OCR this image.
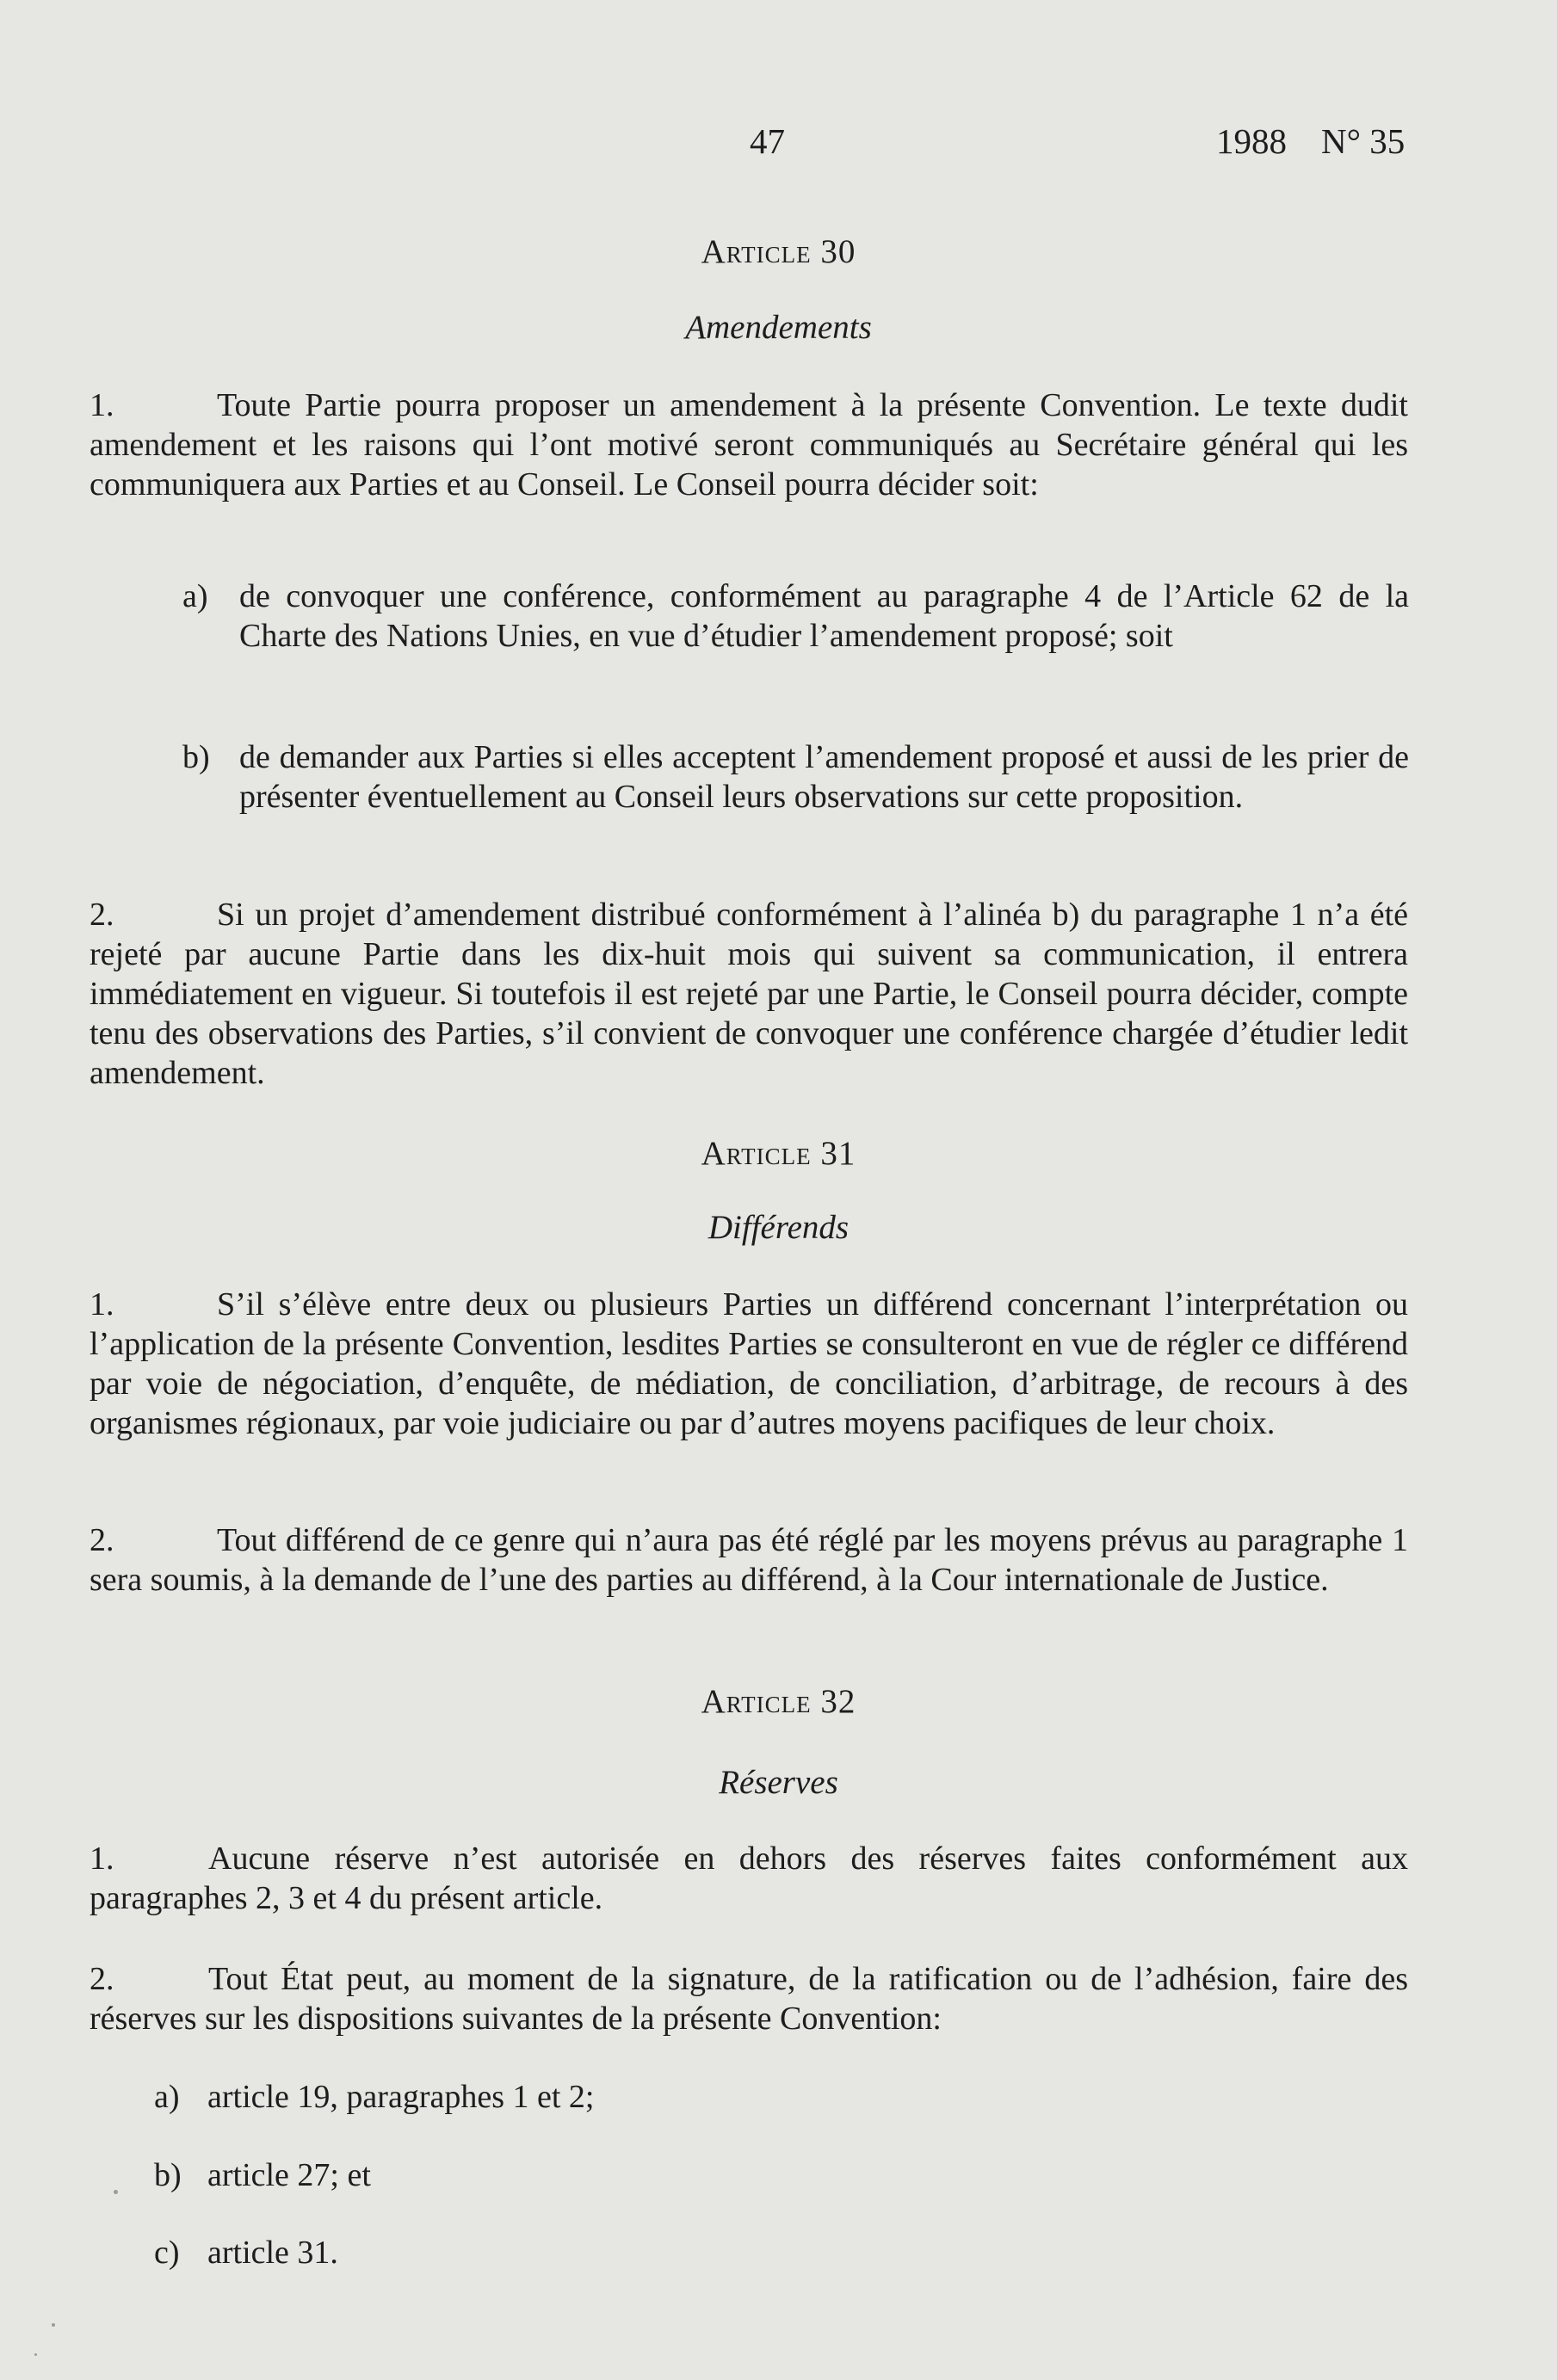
47	1988 N° 35
Article 30
Amendements
1.	Toute Partie pourra proposer un amendement à la présente Convention. Le texte dudit amendement et les raisons qui l’ont motivé seront communiqués au Secrétaire général qui les communiquera aux Parties et au Conseil. Le Conseil pourra décider soit:
a) de convoquer une conférence, conformément au paragraphe 4 de l’Article 62 de la Charte des Nations Unies, en vue d’étudier l’amendement proposé; soit
b) de demander aux Parties si elles acceptent l’amendement proposé et aussi de les prier de présenter éventuellement au Conseil leurs observations sur cette proposition.
2.	Si un projet d’amendement distribué conformément à l’alinéa b) du paragraphe 1 n’a été rejeté par aucune Partie dans les dix-huit mois qui suivent sa communication, il entrera immédiatement en vigueur. Si toutefois il est rejeté par une Partie, le Conseil pourra décider, compte tenu des observations des Parties, s’il convient de convoquer une conférence chargée d’étudier ledit amendement.
Article 31
Différends
1.	S’il s’élève entre deux ou plusieurs Parties un différend concernant l’interprétation ou l’application de la présente Convention, lesdites Parties se consulteront en vue de régler ce différend par voie de négociation, d’enquête, de médiation, de conciliation, d’arbitrage, de recours à des organismes régionaux, par voie judiciaire ou par d’autres moyens pacifiques de leur choix.
2.	Tout différend de ce genre qui n’aura pas été réglé par les moyens prévus au paragraphe 1 sera soumis, à la demande de l’une des parties au différend, à la Cour internationale de Justice.
Article 32
Réserves
1.	Aucune réserve n’est autorisée en dehors des réserves faites conformément aux paragraphes 2, 3 et 4 du présent article.
2.	Tout État peut, au moment de la signature, de la ratification ou de l’adhésion, faire des réserves sur les dispositions suivantes de la présente Convention:
a) article 19, paragraphes 1 et 2;
b) article 27; et
c) article 31.
